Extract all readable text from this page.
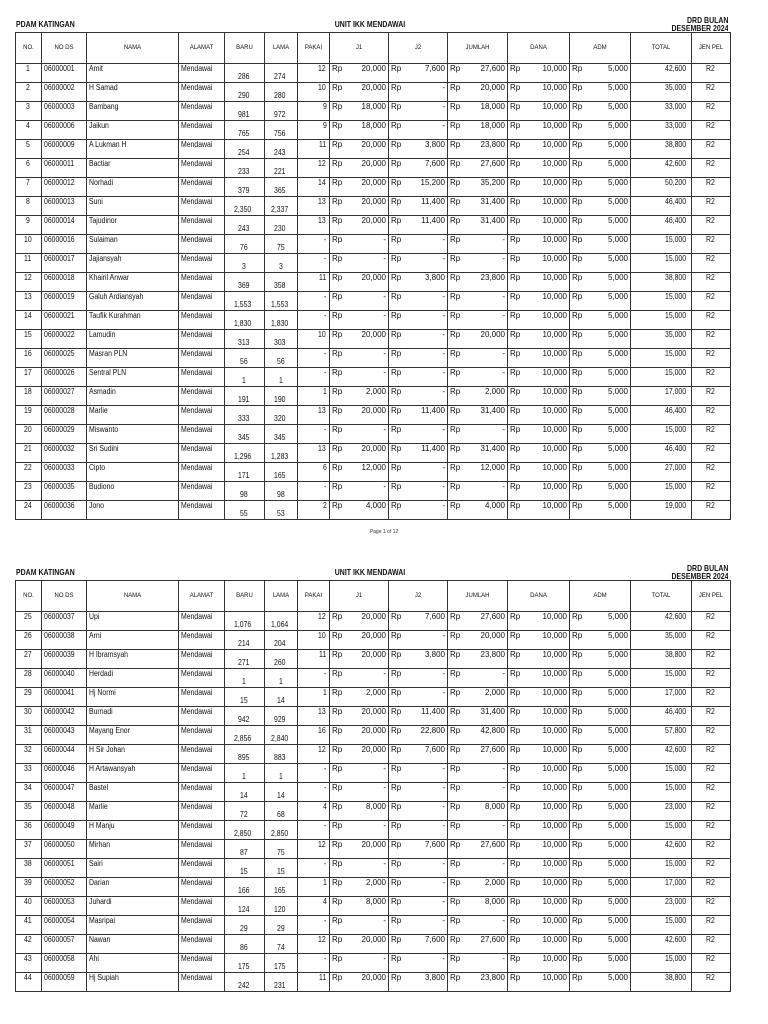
PDAM KATINGAN	UNIT IKK MENDAWAI	DRD BULAN
DESEMBER 2024
NO.	NO DS	NAMA	ALAMAT	BARU	LAMA	PAKAI	J1	J2	JUMLAH	DANA	ADM	TOTAL	JEN PEL
1	06000001	Amit	Mendawai	286	274	12	Rp 20,000	Rp 7,600	Rp 27,600	Rp 10,000	Rp 5,000	42,600	R2
2	06000002	H Samad	Mendawai	290	280	10	Rp 20,000	Rp -	Rp 20,000	Rp 10,000	Rp 5,000	35,000	R2
3	06000003	Bambang	Mendawai	981	972	9	Rp 18,000	Rp -	Rp 18,000	Rp 10,000	Rp 5,000	33,000	R2
4	06000006	Jaikun	Mendawai	765	756	9	Rp 18,000	Rp -	Rp 18,000	Rp 10,000	Rp 5,000	33,000	R2
5	06000009	A Lukman H	Mendawai	254	243	11	Rp 20,000	Rp 3,800	Rp 23,800	Rp 10,000	Rp 5,000	38,800	R2
6	06000011	Bactiar	Mendawai	233	221	12	Rp 20,000	Rp 7,600	Rp 27,600	Rp 10,000	Rp 5,000	42,600	R2
7	06000012	Norhadi	Mendawai	379	365	14	Rp 20,000	Rp 15,200	Rp 35,200	Rp 10,000	Rp 5,000	50,200	R2
8	06000013	Suni	Mendawai	2,350	2,337	13	Rp 20,000	Rp 11,400	Rp 31,400	Rp 10,000	Rp 5,000	46,400	R2
9	06000014	Tajudinor	Mendawai	243	230	13	Rp 20,000	Rp 11,400	Rp 31,400	Rp 10,000	Rp 5,000	46,400	R2
10	06000016	Sulaiman	Mendawai	76	75	-	Rp -	Rp -	Rp -	Rp 10,000	Rp 5,000	15,000	R2
11	06000017	Jajiansyah	Mendawai	3	3	-	Rp -	Rp -	Rp -	Rp 10,000	Rp 5,000	15,000	R2
12	06000018	Khairil Anwar	Mendawai	369	358	11	Rp 20,000	Rp 3,800	Rp 23,800	Rp 10,000	Rp 5,000	38,800	R2
13	06000019	Galuh Ardiansyah	Mendawai	1,553	1,553	-	Rp -	Rp -	Rp -	Rp 10,000	Rp 5,000	15,000	R2
14	06000021	Taufik Kurahman	Mendawai	1,830	1,830	-	Rp -	Rp -	Rp -	Rp 10,000	Rp 5,000	15,000	R2
15	06000022	Lamudin	Mendawai	313	303	10	Rp 20,000	Rp -	Rp 20,000	Rp 10,000	Rp 5,000	35,000	R2
16	06000025	Masran PLN	Mendawai	56	56	-	Rp -	Rp -	Rp -	Rp 10,000	Rp 5,000	15,000	R2
17	06000026	Sentral PLN	Mendawai	1	1	-	Rp -	Rp -	Rp -	Rp 10,000	Rp 5,000	15,000	R2
18	06000027	Asmadin	Mendawai	191	190	1	Rp 2,000	Rp -	Rp 2,000	Rp 10,000	Rp 5,000	17,000	R2
19	06000028	Marlie	Mendawai	333	320	13	Rp 20,000	Rp 11,400	Rp 31,400	Rp 10,000	Rp 5,000	46,400	R2
20	06000029	Miswanto	Mendawai	345	345	-	Rp -	Rp -	Rp -	Rp 10,000	Rp 5,000	15,000	R2
21	06000032	Sri Sudini	Mendawai	1,296	1,283	13	Rp 20,000	Rp 11,400	Rp 31,400	Rp 10,000	Rp 5,000	46,400	R2
22	06000033	Cipto	Mendawai	171	165	6	Rp 12,000	Rp -	Rp 12,000	Rp 10,000	Rp 5,000	27,000	R2
23	06000035	Budiono	Mendawai	98	98	-	Rp -	Rp -	Rp -	Rp 10,000	Rp 5,000	15,000	R2
24	06000036	Jono	Mendawai	55	53	2	Rp 4,000	Rp -	Rp 4,000	Rp 10,000	Rp 5,000	19,000	R2
Page 1 of 12
PDAM KATINGAN	UNIT IKK MENDAWAI	DRD BULAN
DESEMBER 2024
NO.	NO DS	NAMA	ALAMAT	BARU	LAMA	PAKAI	J1	J2	JUMLAH	DANA	ADM	TOTAL	JEN PEL
25	06000037	Upi	Mendawai	1,076	1,064	12	Rp 20,000	Rp 7,600	Rp 27,600	Rp 10,000	Rp 5,000	42,600	R2
26	06000038	Arni	Mendawai	214	204	10	Rp 20,000	Rp -	Rp 20,000	Rp 10,000	Rp 5,000	35,000	R2
27	06000039	H Ibramsyah	Mendawai	271	260	11	Rp 20,000	Rp 3,800	Rp 23,800	Rp 10,000	Rp 5,000	38,800	R2
28	06000040	Herdadi	Mendawai	1	1	-	Rp -	Rp -	Rp -	Rp 10,000	Rp 5,000	15,000	R2
29	06000041	Hj Normi	Mendawai	15	14	1	Rp 2,000	Rp -	Rp 2,000	Rp 10,000	Rp 5,000	17,000	R2
30	06000042	Burnadi	Mendawai	942	929	13	Rp 20,000	Rp 11,400	Rp 31,400	Rp 10,000	Rp 5,000	46,400	R2
31	06000043	Mayang Enor	Mendawai	2,856	2,840	16	Rp 20,000	Rp 22,800	Rp 42,800	Rp 10,000	Rp 5,000	57,800	R2
32	06000044	H Sir Johan	Mendawai	895	883	12	Rp 20,000	Rp 7,600	Rp 27,600	Rp 10,000	Rp 5,000	42,600	R2
33	06000046	H Artawansyah	Mendawai	1	1	-	Rp -	Rp -	Rp -	Rp 10,000	Rp 5,000	15,000	R2
34	06000047	Bastel	Mendawai	14	14	-	Rp -	Rp -	Rp -	Rp 10,000	Rp 5,000	15,000	R2
35	06000048	Marlie	Mendawai	72	68	4	Rp 8,000	Rp -	Rp 8,000	Rp 10,000	Rp 5,000	23,000	R2
36	06000049	H Manju	Mendawai	2,850	2,850	-	Rp -	Rp -	Rp -	Rp 10,000	Rp 5,000	15,000	R2
37	06000050	Mirhan	Mendawai	87	75	12	Rp 20,000	Rp 7,600	Rp 27,600	Rp 10,000	Rp 5,000	42,600	R2
38	06000051	Sairi	Mendawai	15	15	-	Rp -	Rp -	Rp -	Rp 10,000	Rp 5,000	15,000	R2
39	06000052	Darian	Mendawai	166	165	1	Rp 2,000	Rp -	Rp 2,000	Rp 10,000	Rp 5,000	17,000	R2
40	06000053	Juhardi	Mendawai	124	120	4	Rp 8,000	Rp -	Rp 8,000	Rp 10,000	Rp 5,000	23,000	R2
41	06000054	Masripai	Mendawai	29	29	-	Rp -	Rp -	Rp -	Rp 10,000	Rp 5,000	15,000	R2
42	06000057	Nawan	Mendawai	86	74	12	Rp 20,000	Rp 7,600	Rp 27,600	Rp 10,000	Rp 5,000	42,600	R2
43	06000058	Ahi	Mendawai	175	175	-	Rp -	Rp -	Rp -	Rp 10,000	Rp 5,000	15,000	R2
44	06000059	Hj Supiah	Mendawai	242	231	11	Rp 20,000	Rp 3,800	Rp 23,800	Rp 10,000	Rp 5,000	38,800	R2
